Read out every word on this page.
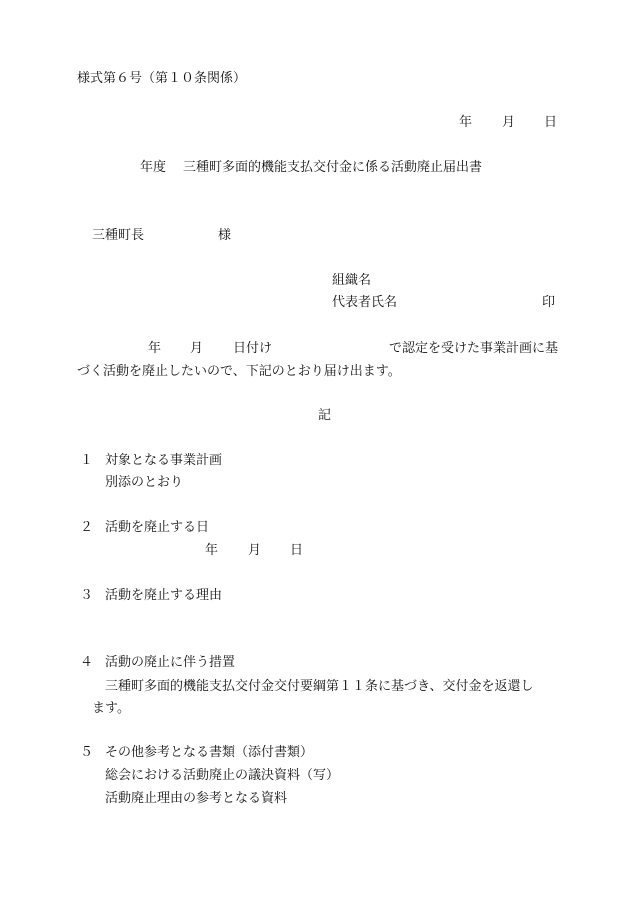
様式第６号（第１０条関係）
年 月 日
年度 三種町多面的機能支払交付金に係る活動廃止届出書
三種町長	様
組織名
代表者氏名	印
年 月 日付け	で認定を受けた事業計画に基
づく活動を廃止したいので、下記のとおり届け出ます。
記
１ 対象となる事業計画
別添のとおり
２ 活動を廃止する日
年 月 日
３ 活動を廃止する理由
４ 活動の廃止に伴う措置
三種町多面的機能支払交付金交付要綱第１１条に基づき、交付金を返還し
ます。
５ その他参考となる書類（添付書類）
総会における活動廃止の議決資料（写）
活動廃止理由の参考となる資料
